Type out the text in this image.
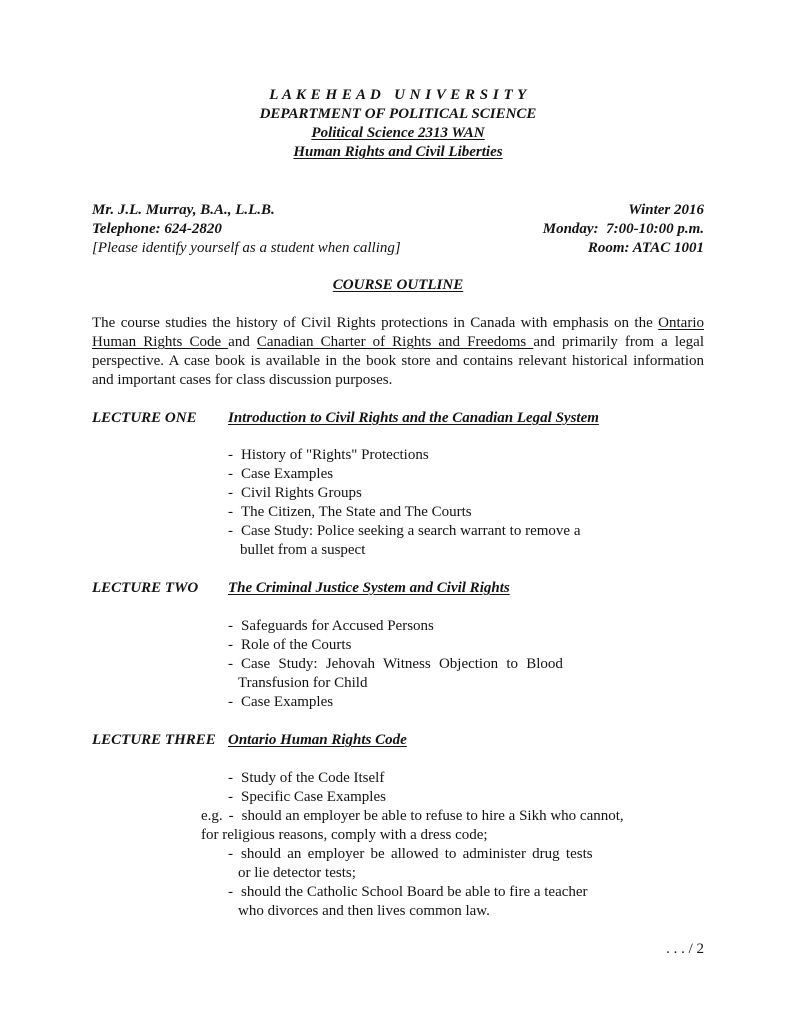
L A K E H E A D   U N I V E R S I T Y
DEPARTMENT OF POLITICAL SCIENCE
Political Science 2313 WAN
Human Rights and Civil Liberties
Mr. J.L. Murray, B.A., L.L.B.
Telephone: 624-2820
[Please identify yourself as a student when calling]
Winter 2016
Monday:  7:00-10:00 p.m.
Room: ATAC 1001
COURSE OUTLINE
The course studies the history of Civil Rights protections in Canada with emphasis on the Ontario
Human Rights Code and Canadian Charter of Rights and Freedoms and primarily from a legal
perspective. A case book is available in the book store and contains relevant historical information
and important cases for class discussion purposes.
LECTURE ONE	Introduction to Civil Rights and the Canadian Legal System
- History of "Rights" Protections
- Case Examples
- Civil Rights Groups
- The Citizen, The State and The Courts
- Case Study: Police seeking a search warrant to remove a
bullet from a suspect
LECTURE TWO	The Criminal Justice System and Civil Rights
- Safeguards for Accused Persons
- Role of the Courts
- Case Study: Jehovah Witness Objection to Blood
Transfusion for Child
- Case Examples
LECTURE THREE Ontario Human Rights Code
- Study of the Code Itself
- Specific Case Examples
e.g. - should an employer be able to refuse to hire a Sikh who cannot,
for religious reasons, comply with a dress code;
- should an employer be allowed to administer drug tests
or lie detector tests;
- should the Catholic School Board be able to fire a teacher
who divorces and then lives common law.
. . . / 2
